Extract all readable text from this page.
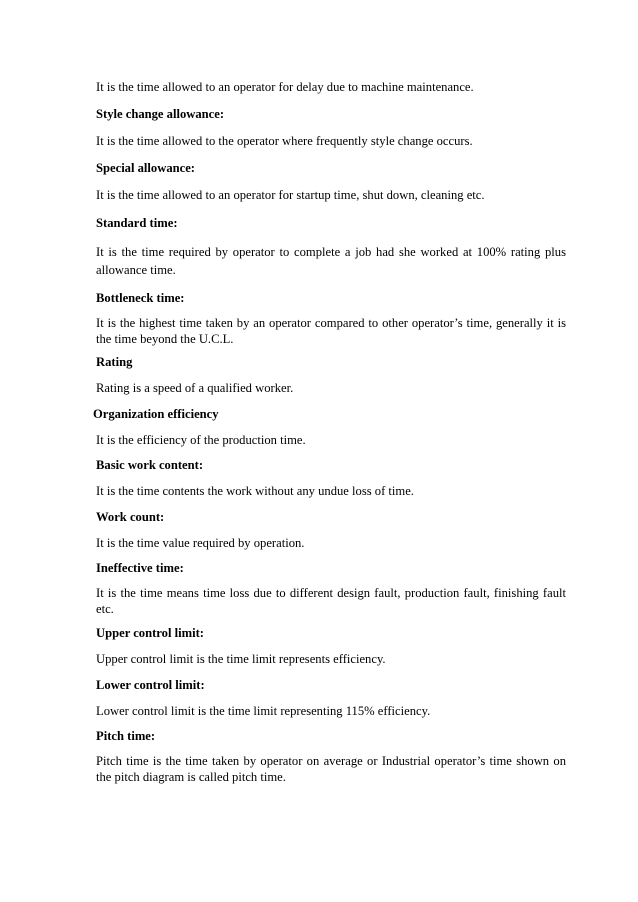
It is the time allowed to an operator for delay due to machine maintenance.
Style change allowance:
It is the time allowed to the operator where frequently style change occurs.
Special allowance:
It is the time allowed to an operator for startup time, shut down, cleaning etc.
Standard time:
It is the time required by operator to complete a job had she worked at 100% rating plus allowance time.
Bottleneck time:
It is the highest time taken by an operator compared to other operator’s time, generally it is the time beyond the U.C.L.
Rating
Rating is a speed of a qualified worker.
Organization efficiency
It is the efficiency of the production time.
Basic work content:
It is the time contents the work without any undue loss of time.
Work count:
It is the time value required by operation.
Ineffective time:
It is the time means time loss due to different design fault, production fault, finishing fault etc.
Upper control limit:
Upper control limit is the time limit represents efficiency.
Lower control limit:
Lower control limit is the time limit representing 115% efficiency.
Pitch time:
Pitch time is the time taken by operator on average or Industrial operator’s time shown on the pitch diagram is called pitch time.
